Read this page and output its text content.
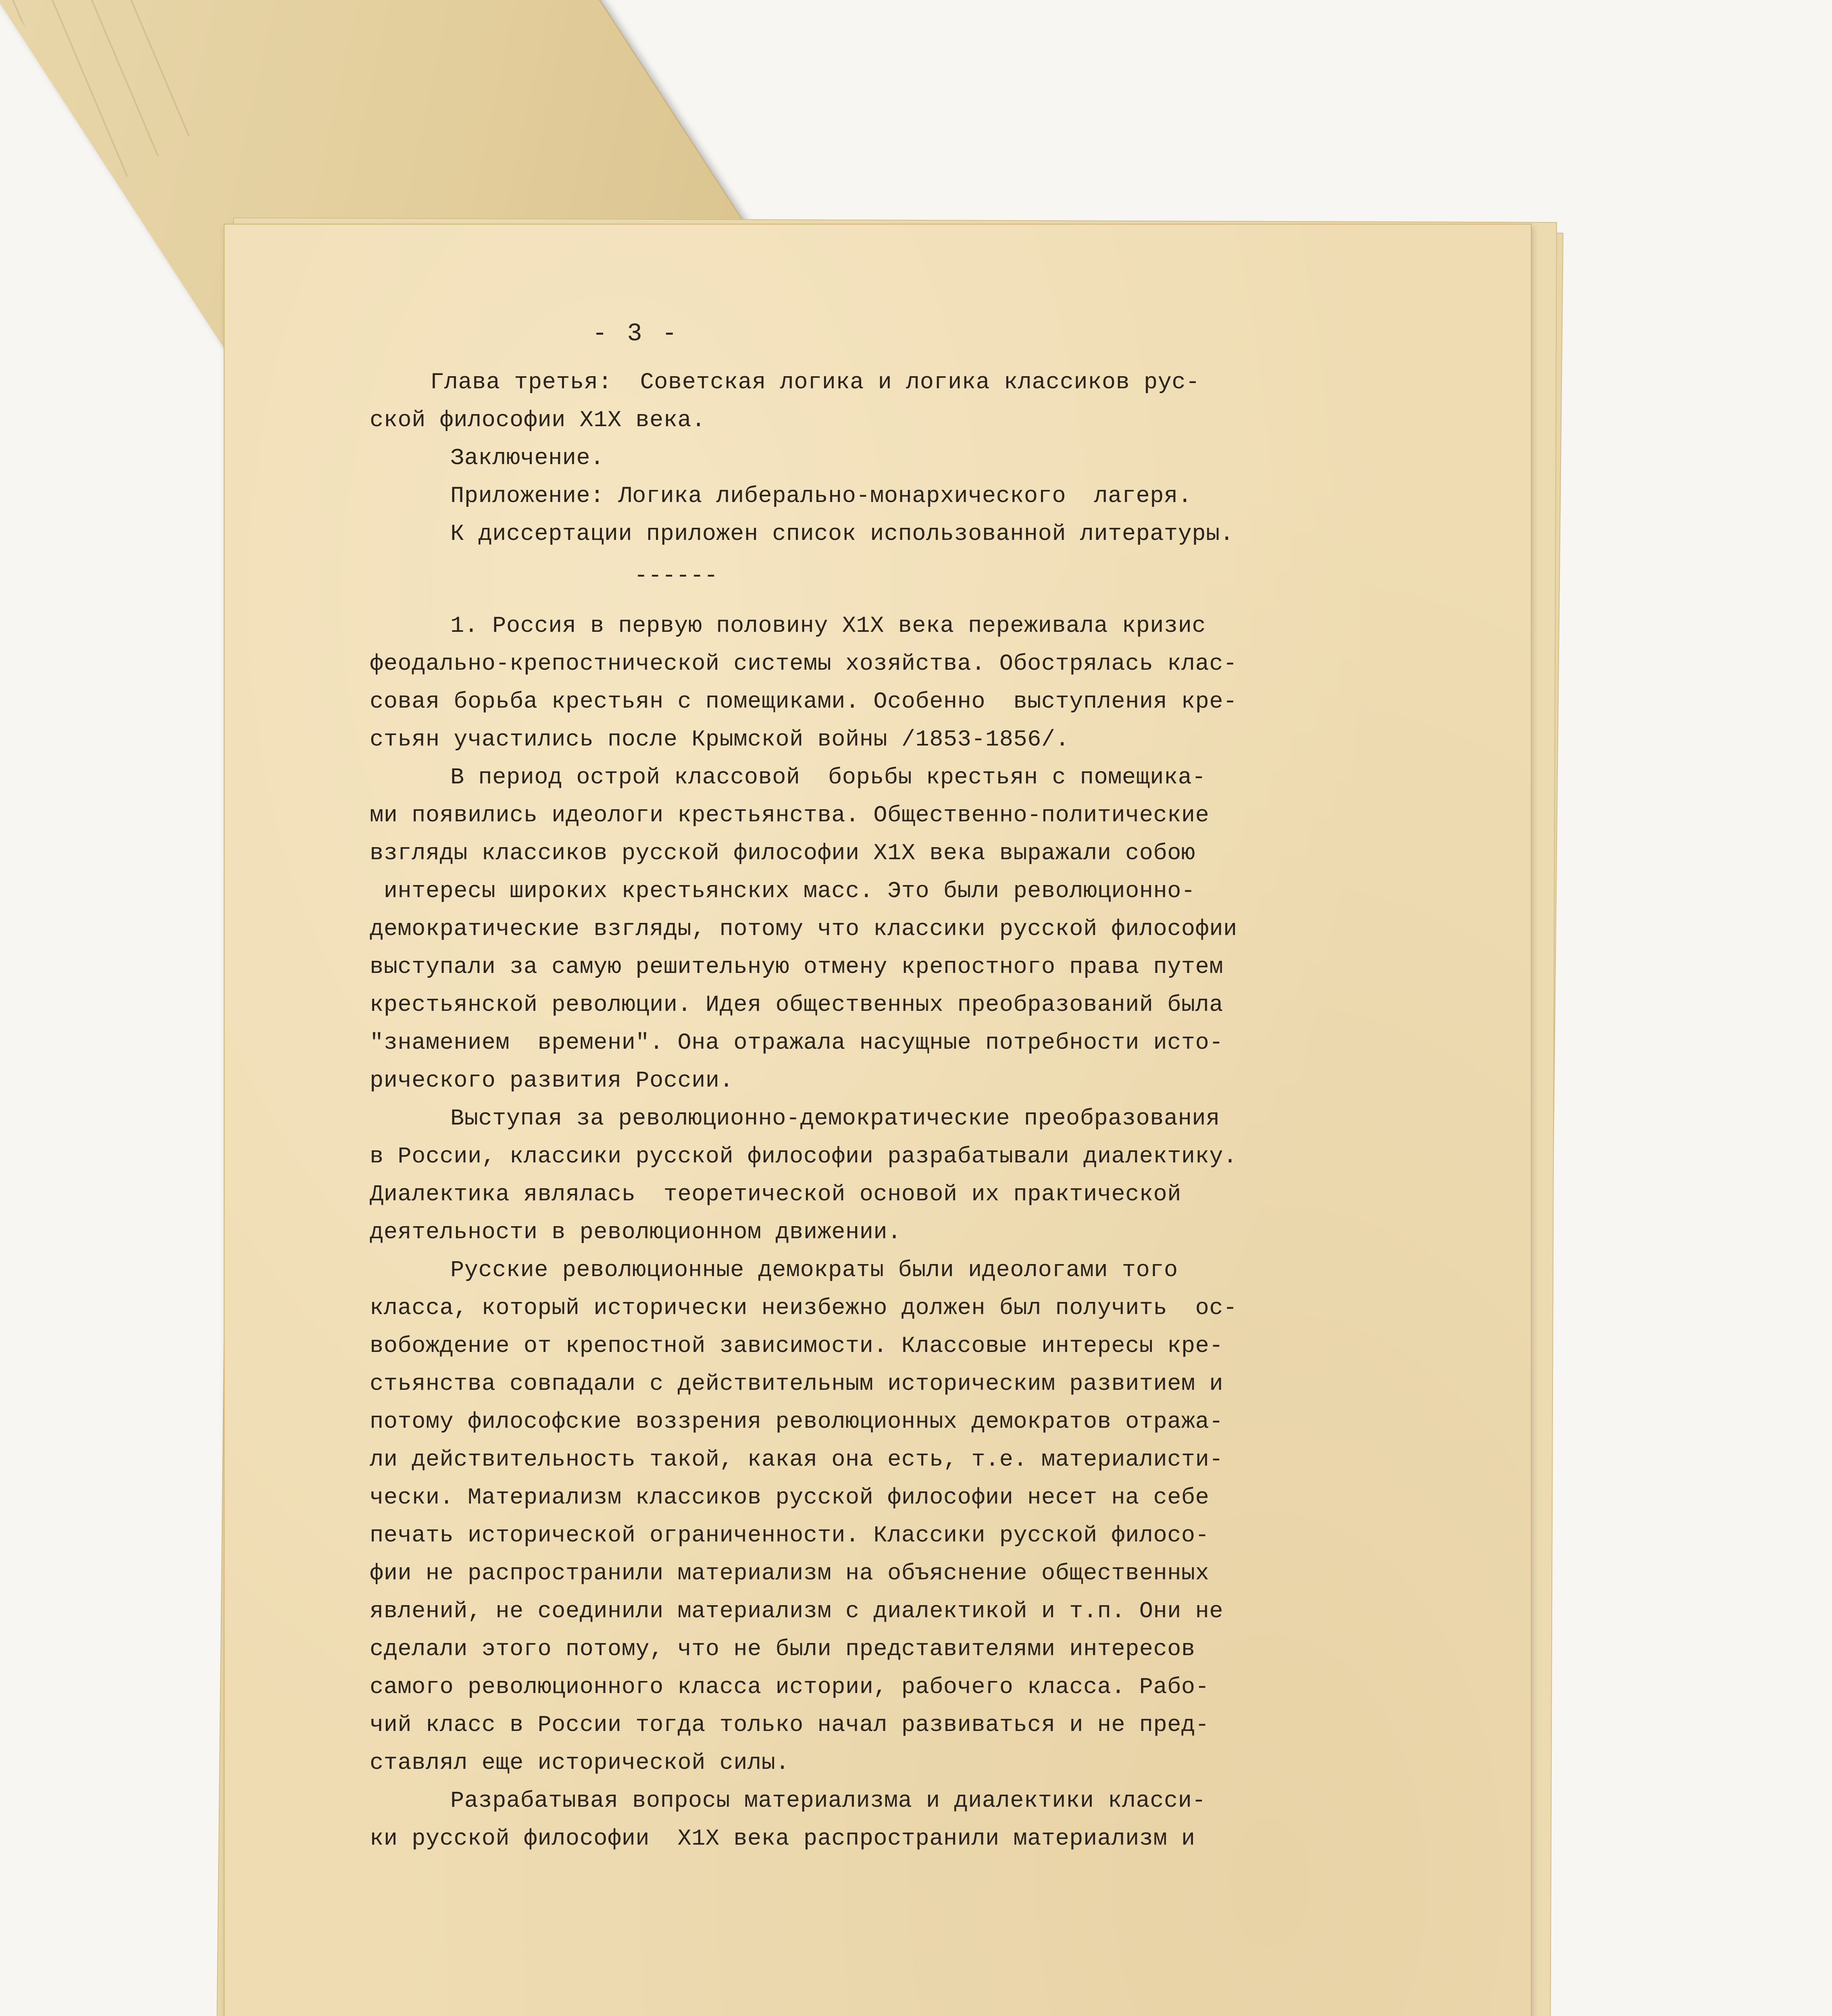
- 3 -
Глава третья:  Советская логика и логика классиков рус-
ской философии Х1Х века.
Заключение.
Приложение: Логика либерально-монархического  лагеря.
К диссертации приложен список использованной литературы.
------
1. Россия в первую половину Х1Х века переживала кризис
феодально-крепостнической системы хозяйства. Обострялась клас-
совая борьба крестьян с помещиками. Особенно  выступления кре-
стьян участились после Крымской войны /1853-1856/.
В период острой классовой  борьбы крестьян с помещика-
ми появились идеологи крестьянства. Общественно-политические
взгляды классиков русской философии Х1Х века выражали собою
интересы широких крестьянских масс. Это были революционно-
демократические взгляды, потому что классики русской философии
выступали за самую решительную отмену крепостного права путем
крестьянской революции. Идея общественных преобразований была
"знамением  времени". Она отражала насущные потребности исто-
рического развития России.
Выступая за революционно-демократические преобразования
в России, классики русской философии разрабатывали диалектику.
Диалектика являлась  теоретической основой их практической
деятельности в революционном движении.
Русские революционные демократы были идеологами того
класса, который исторически неизбежно должен был получить  ос-
вобождение от крепостной зависимости. Классовые интересы кре-
стьянства совпадали с действительным историческим развитием и
потому философские воззрения революционных демократов отража-
ли действительность такой, какая она есть, т.е. материалисти-
чески. Материализм классиков русской философии несет на себе
печать исторической ограниченности. Классики русской филосо-
фии не распространили материализм на объяснение общественных
явлений, не соединили материализм с диалектикой и т.п. Они не
сделали этого потому, что не были представителями интересов
самого революционного класса истории, рабочего класса. Рабо-
чий класс в России тогда только начал развиваться и не пред-
ставлял еще исторической силы.
Разрабатывая вопросы материализма и диалектики класси-
ки русской философии  Х1Х века распространили материализм и
